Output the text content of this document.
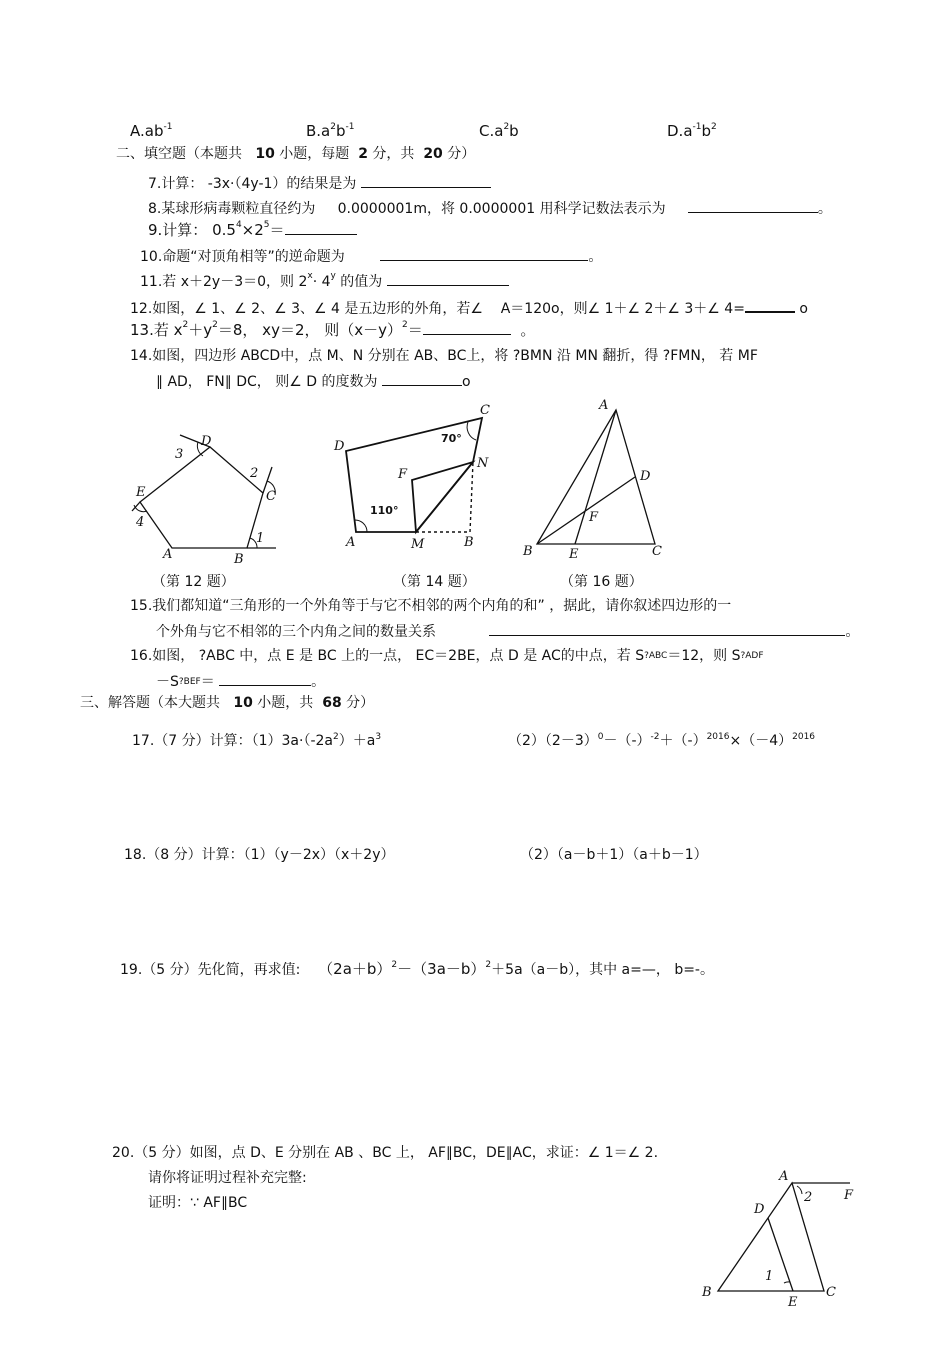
$A.ab^{-1}$	$B.a^2b^{-1}$	$C.a^2b$	$D.a^{-1}b^2$
二、填空题（本题共 10 小题，每题 2 分，共 20 分）
7.计算： -3x·（4y-1）的结果是为
8.某球形病毒颗粒直径约为 0.0000001m，将 0.0000001 用科学记数法表示为	。
9.计算： $0.5^4\times 2^5=$
10.命题“对顶角相等”的逆命题为	。
11.若 x＋2y－3＝0，则 $2^x\cdot 4^y$ 的值为
12.如图，∠ 1、∠ 2、∠ 3、∠ 4 是五边形的外角，若∠ A＝120o，则∠ 1＋∠ 2＋∠ 3＋∠ 4=	o
13.若 $x^2+y^2=8$， xy＝2， 则$(x-y)^2=$	。
14.如图，四边形 ABCD中，点 M、N 分别在 AB、BC上，将 ?BMN 沿 MN 翻折，得 ?FMN， 若 MF
∥ AD， FN∥ DC， 则∠ D 的度数为	o
D
3
2
C
E
4
A	B
1
（第 12 题）
C
D
70°
F
N
110°
A	M	B
（第 14 题）
A
D
F
B	E	C
（第 16 题）
15.我们都知道“三角形的一个外角等于与它不相邻的两个内角的和” ，据此，请你叙述四边形的一
个外角与它不相邻的三个内角之间的数量关系	。
16.如图， ?ABC 中，点 E 是 BC 上的一点， EC＝2BE，点 D 是 AC的中点，若 S?ABC＝12，则 S?ADF
－S?BEF＝	。
三、解答题（本大题共 10 小题，共 68 分）
17.（7 分）计算：$(1)3a\cdot(-2a^2)+a^3$	$(2)(2-3)^0-(-)^{-2}+(-)^{2016}\times(-4)^{2016}$
18.（8 分）计算：（1）（y－2x）（x＋2y）	（2）（a－b＋1）（a＋b－1）
19.（5 分）先化简，再求值: $(2a+b)^2-(3a-b)^2+5a(a-b)$，其中 a=—， b=-。
20.（5 分）如图，点 D、E 分别在 AB 、BC 上， AF∥BC，DE∥AC，求证：∠ 1＝∠ 2.
请你将证明过程补充完整:
证明：∵ AF∥BC
A
2 F
D
1
B
E
C
